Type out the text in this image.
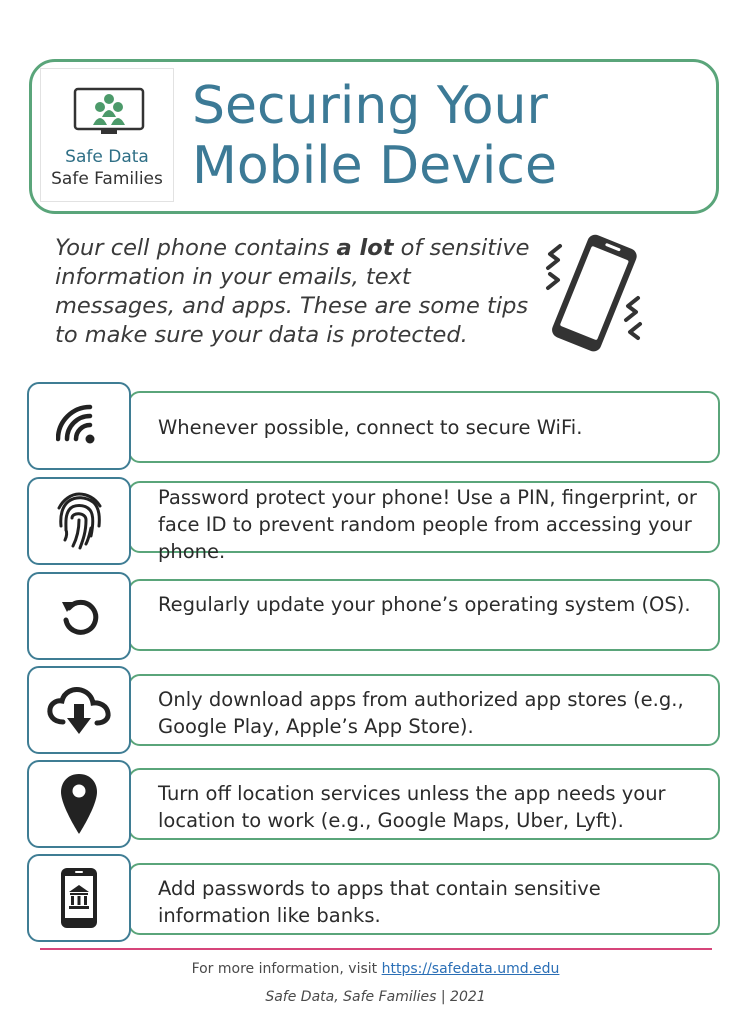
Safe Data
Safe Families
Securing Your
Mobile Device
Your cell phone contains a lot of sensitive information in your emails, text messages, and apps. These are some tips to make sure your data is protected.
Whenever possible, connect to secure WiFi.
Password protect your phone! Use a PIN, fingerprint, or face ID to prevent random people from accessing your phone.
Regularly update your phone’s operating system (OS).
Only download apps from authorized app stores (e.g., Google Play, Apple’s App Store).
Turn off location services unless the app needs your location to work (e.g., Google Maps, Uber, Lyft).
Add passwords to apps that contain sensitive information like banks.
For more information, visit https://safedata.umd.edu
Safe Data, Safe Families | 2021
